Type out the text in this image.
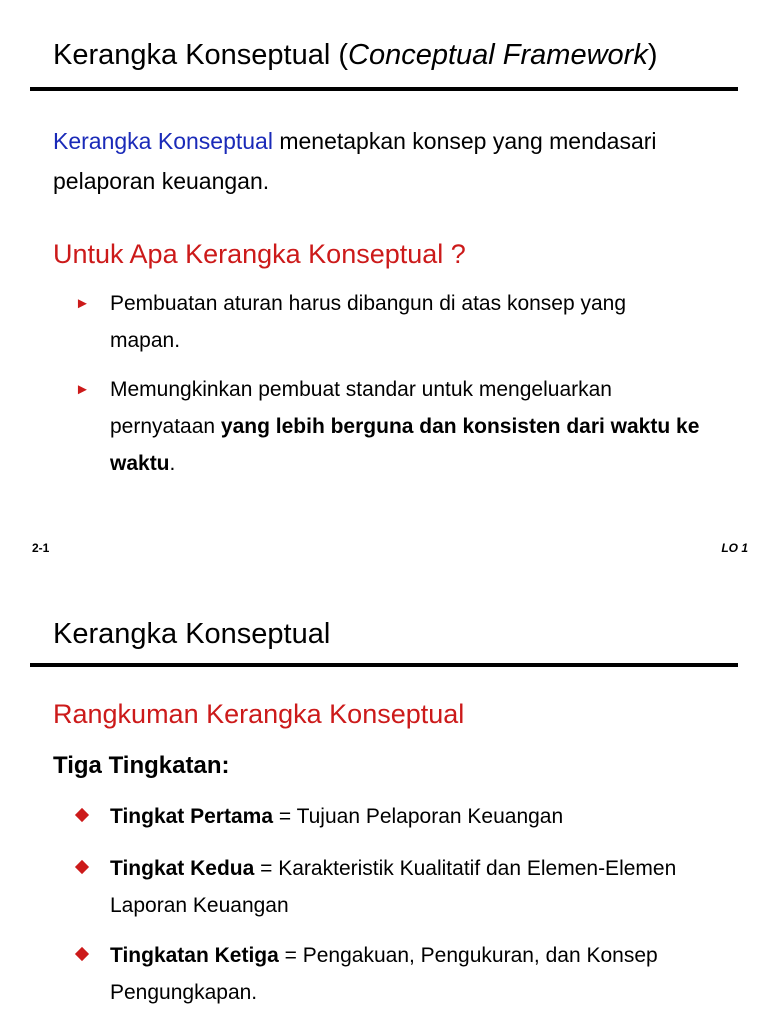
Kerangka Konseptual (Conceptual Framework)

Kerangka Konseptual menetapkan konsep yang mendasari pelaporan keuangan.

Untuk Apa Kerangka Konseptual ?
► Pembuatan aturan harus dibangun di atas konsep yang mapan.
► Memungkinkan pembuat standar untuk mengeluarkan pernyataan yang lebih berguna dan konsisten dari waktu ke waktu.
2-1	LO 1
Kerangka Konseptual
Rangkuman Kerangka Konseptual
Tiga Tingkatan:
Tingkat Pertama = Tujuan Pelaporan Keuangan
Tingkat Kedua = Karakteristik Kualitatif dan Elemen-Elemen Laporan Keuangan
Tingkatan Ketiga = Pengakuan, Pengukuran, dan Konsep Pengungkapan.
